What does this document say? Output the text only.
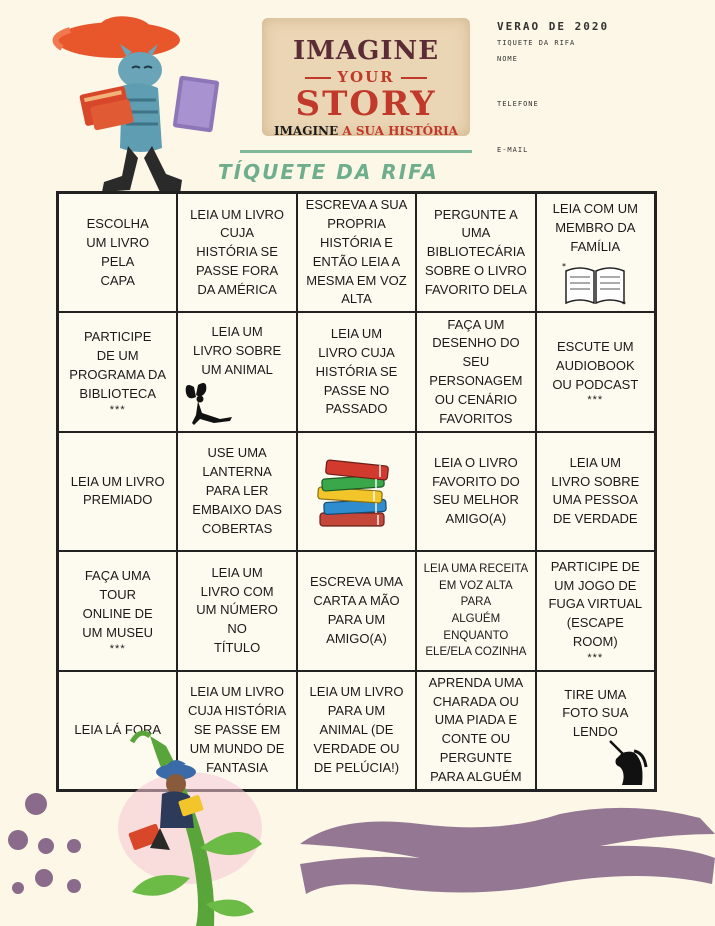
IMAGINE
YOUR
STORY
IMAGINE A SUA HISTÓRIA
TÍQUETE DA RIFA
VERAO DE 2020
TIQUETE DA RIFA
NOME
TELEFONE
E-MAIL
ESCOLHA
UM LIVRO
PELA
CAPA
LEIA UM LIVRO
CUJA
HISTÓRIA SE
PASSE FORA
DA AMÉRICA
ESCREVA A SUA
PROPRIA
HISTÓRIA E
ENTÃO LEIA A
MESMA EM VOZ
ALTA
PERGUNTE A
UMA
BIBLIOTECÁRIA
SOBRE O LIVRO
FAVORITO DELA
LEIA COM UM
MEMBRO DA
FAMÍLIA
*
*
PARTICIPE
DE UM
PROGRAMA DA
BIBLIOTECA
***
LEIA UM
LIVRO SOBRE
UM ANIMAL
LEIA UM
LIVRO CUJA
HISTÓRIA SE
PASSE NO
PASSADO
FAÇA UM
DESENHO DO
SEU
PERSONAGEM
OU CENÁRIO
FAVORITOS
ESCUTE UM
AUDIOBOOK
OU PODCAST
***
LEIA UM LIVRO
PREMIADO
USE UMA
LANTERNA
PARA LER
EMBAIXO DAS
COBERTAS
LEIA O LIVRO
FAVORITO DO
SEU MELHOR
AMIGO(A)
LEIA UM
LIVRO SOBRE
UMA PESSOA
DE VERDADE
FAÇA UMA
TOUR
ONLINE DE
UM MUSEU
***
LEIA UM
LIVRO COM
UM NÚMERO
NO
TÍTULO
ESCREVA UMA
CARTA A MÃO
PARA UM
AMIGO(A)
LEIA UMA RECEITA
EM VOZ ALTA PARA
ALGUÉM
ENQUANTO
ELE/ELA COZINHA
PARTICIPE DE
UM JOGO DE
FUGA VIRTUAL
(ESCAPE ROOM)
***
LEIA LÁ FORA
LEIA UM LIVRO
CUJA HISTÓRIA
SE PASSE EM
UM MUNDO DE
FANTASIA
LEIA UM LIVRO
PARA UM
ANIMAL (DE
VERDADE OU
DE PELÚCIA!)
APRENDA UMA
CHARADA OU
UMA PIADA E
CONTE OU
PERGUNTE
PARA ALGUÉM
TIRE UMA
FOTO SUA
LENDO
